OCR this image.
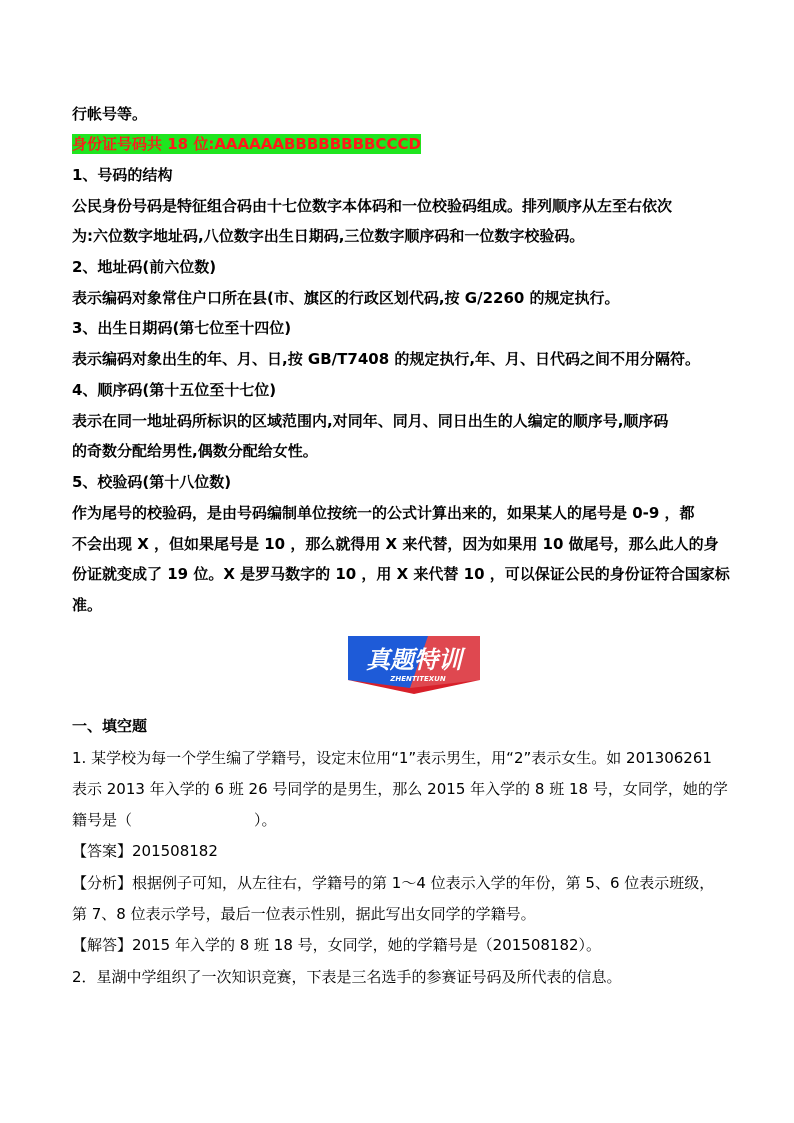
行帐号等。
身份证号码共 18 位:AAAAAABBBBBBBBCCCD
1、号码的结构
公民身份号码是特征组合码由十七位数字本体码和一位校验码组成。排列顺序从左至右依次
为:六位数字地址码,八位数字出生日期码,三位数字顺序码和一位数字校验码。
2、地址码(前六位数)
表示编码对象常住户口所在县(市、旗区的行政区划代码,按 G/2260 的规定执行。
3、出生日期码(第七位至十四位)
表示编码对象出生的年、月、日,按 GB/T7408 的规定执行,年、月、日代码之间不用分隔符。
4、顺序码(第十五位至十七位)
表示在同一地址码所标识的区域范围内,对同年、同月、同日出生的人编定的顺序号,顺序码
的奇数分配给男性,偶数分配给女性。
5、校验码(第十八位数)
作为尾号的校验码，是由号码编制单位按统一的公式计算出来的，如果某人的尾号是 0-9 ，都
不会出现 X ，但如果尾号是 10 ，那么就得用 X 来代替，因为如果用 10 做尾号，那么此人的身
份证就变成了 19 位。X 是罗马数字的 10 ，用 X 来代替 10 ，可以保证公民的身份证符合国家标
准。
真题特训
ZHENTITEXUN
一、填空题
1. 某学校为每一个学生编了学籍号，设定末位用“1”表示男生，用“2”表示女生。如 201306261
表示 2013 年入学的 6 班 26 号同学的是男生，那么 2015 年入学的 8 班 18 号，女同学，她的学
籍号是（	）。
【答案】201508182
【分析】根据例子可知，从左往右，学籍号的第 1～4 位表示入学的年份，第 5、6 位表示班级，
第 7、8 位表示学号，最后一位表示性别，据此写出女同学的学籍号。
【解答】2015 年入学的 8 班 18 号，女同学，她的学籍号是（201508182）。
2．星湖中学组织了一次知识竞赛，下表是三名选手的参赛证号码及所代表的信息。
